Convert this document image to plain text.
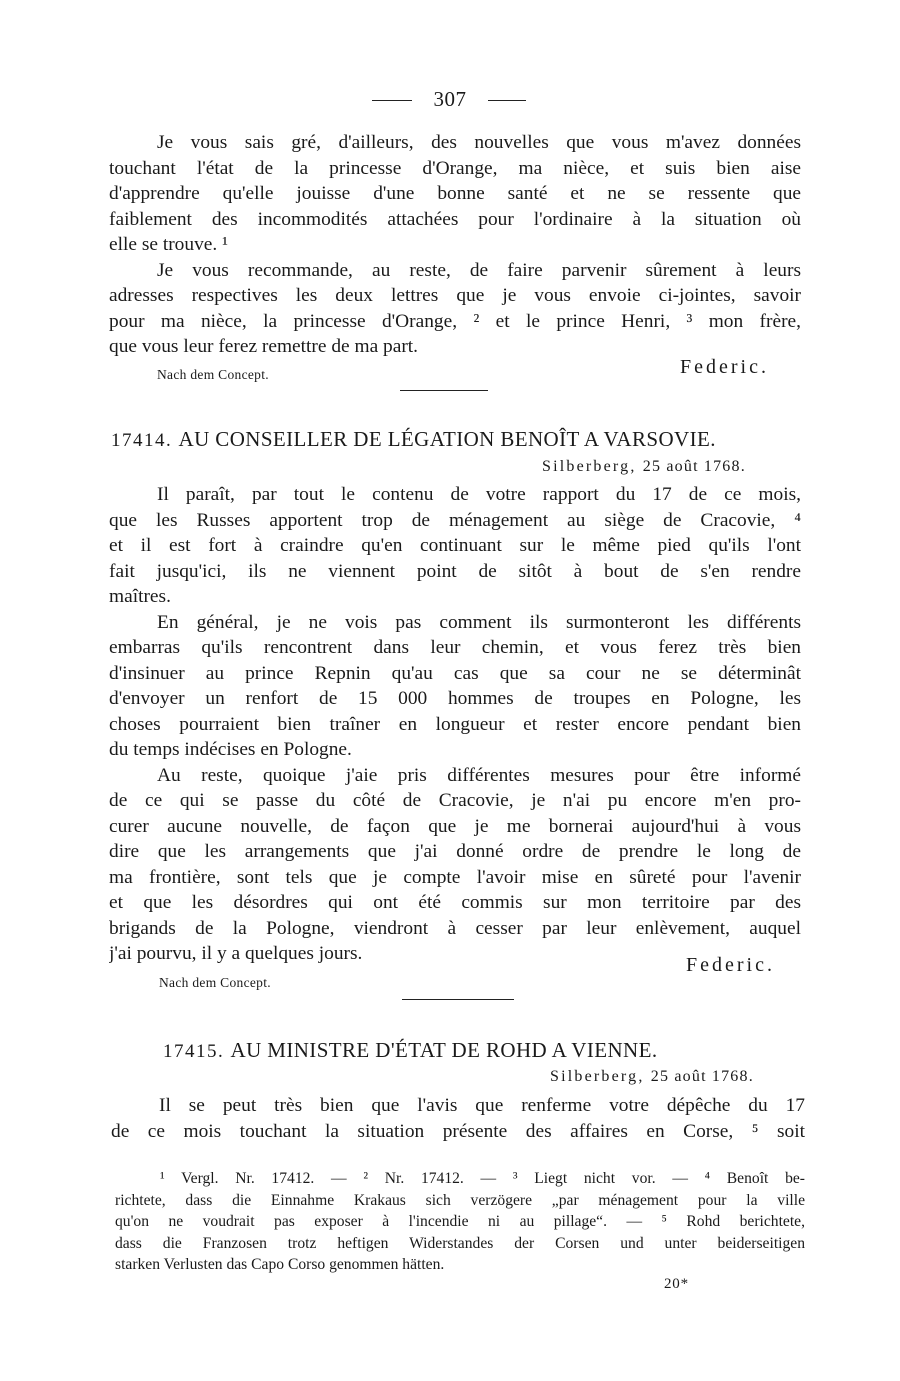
307
Je vous sais gré, d'ailleurs, des nouvelles que vous m'avez données
touchant l'état de la princesse d'Orange, ma nièce, et suis bien aise
d'apprendre qu'elle jouisse d'une bonne santé et ne se ressente que
faiblement des incommodités attachées pour l'ordinaire à la situation où
elle se trouve. ¹
Je vous recommande, au reste, de faire parvenir sûrement à leurs
adresses respectives les deux lettres que je vous envoie ci-jointes, savoir
pour ma nièce, la princesse d'Orange, ² et le prince Henri, ³ mon frère,
que vous leur ferez remettre de ma part.
Nach dem Concept.	Federic.
17414. AU CONSEILLER DE LÉGATION BENOÎT A VARSOVIE.
Silberberg, 25 août 1768.
Il paraît, par tout le contenu de votre rapport du 17 de ce mois,
que les Russes apportent trop de ménagement au siège de Cracovie, ⁴
et il est fort à craindre qu'en continuant sur le même pied qu'ils l'ont
fait jusqu'ici, ils ne viennent point de sitôt à bout de s'en rendre
maîtres.
En général, je ne vois pas comment ils surmonteront les différents
embarras qu'ils rencontrent dans leur chemin, et vous ferez très bien
d'insinuer au prince Repnin qu'au cas que sa cour ne se déterminât
d'envoyer un renfort de 15 000 hommes de troupes en Pologne, les
choses pourraient bien traîner en longueur et rester encore pendant bien
du temps indécises en Pologne.
Au reste, quoique j'aie pris différentes mesures pour être informé
de ce qui se passe du côté de Cracovie, je n'ai pu encore m'en pro-
curer aucune nouvelle, de façon que je me bornerai aujourd'hui à vous
dire que les arrangements que j'ai donné ordre de prendre le long de
ma frontière, sont tels que je compte l'avoir mise en sûreté pour l'avenir
et que les désordres qui ont été commis sur mon territoire par des
brigands de la Pologne, viendront à cesser par leur enlèvement, auquel
j'ai pourvu, il y a quelques jours.
Nach dem Concept.
Federic.
17415. AU MINISTRE D'ÉTAT DE ROHD A VIENNE.
Silberberg, 25 août 1768.
Il se peut très bien que l'avis que renferme votre dépêche du 17
de ce mois touchant la situation présente des affaires en Corse, ⁵ soit
¹ Vergl. Nr. 17412. — ² Nr. 17412. — ³ Liegt nicht vor. — ⁴ Benoît be-
richtete, dass die Einnahme Krakaus sich verzögere „par ménagement pour la ville
qu'on ne voudrait pas exposer à l'incendie ni au pillage“. — ⁵ Rohd berichtete,
dass die Franzosen trotz heftigen Widerstandes der Corsen und unter beiderseitigen
starken Verlusten das Capo Corso genommen hätten.
20*
